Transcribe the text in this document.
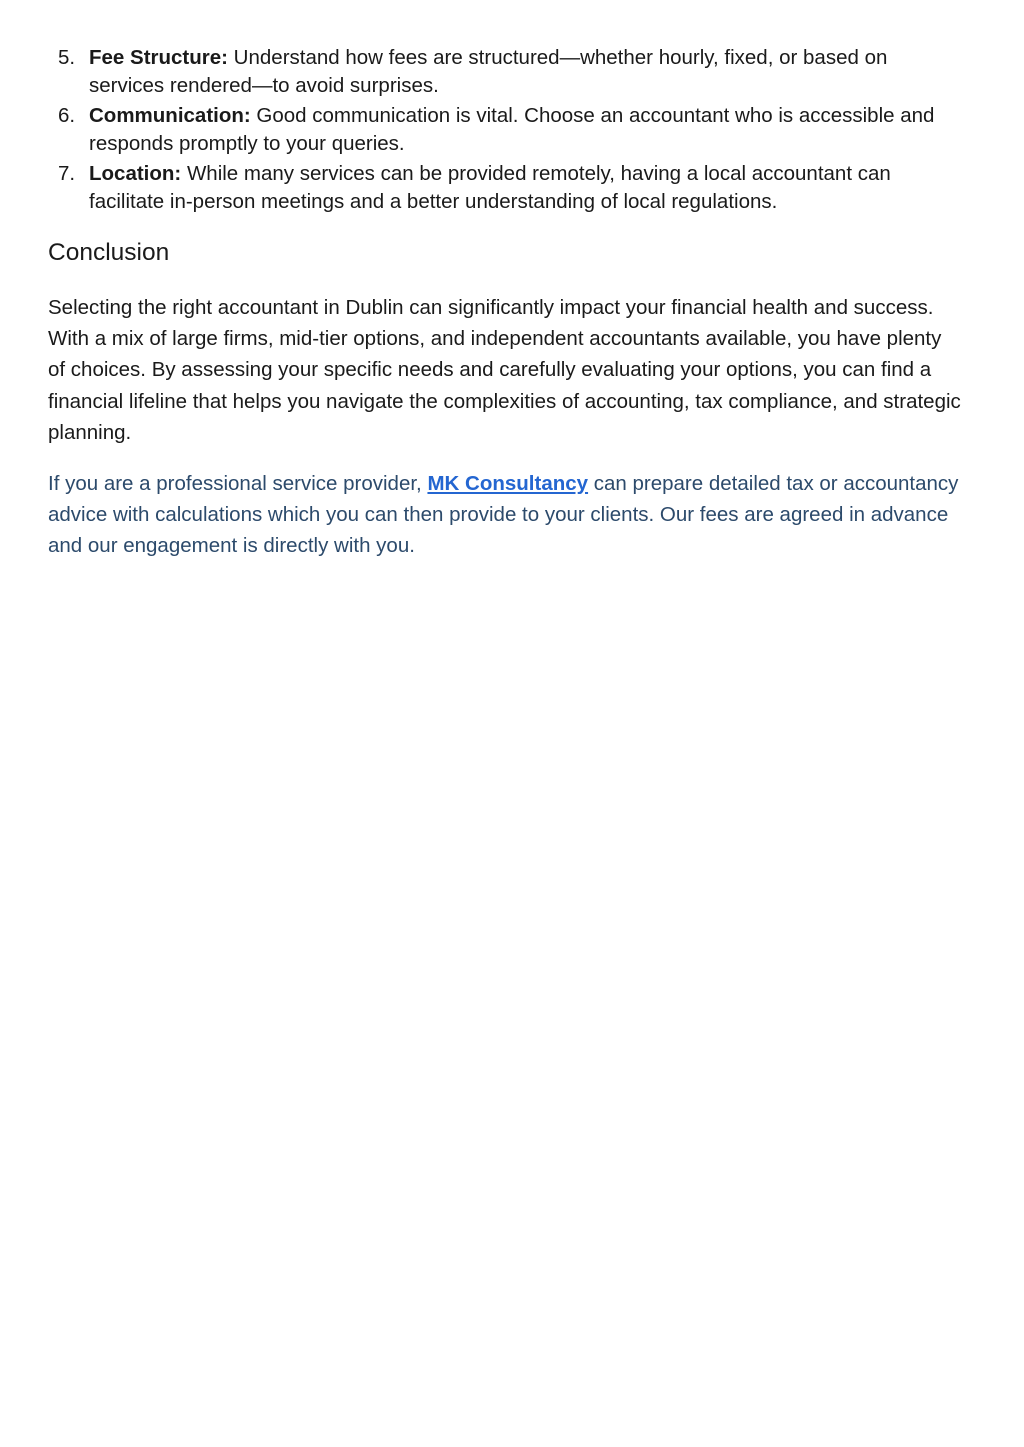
5. Fee Structure: Understand how fees are structured—whether hourly, fixed, or based on services rendered—to avoid surprises.
6. Communication: Good communication is vital. Choose an accountant who is accessible and responds promptly to your queries.
7. Location: While many services can be provided remotely, having a local accountant can facilitate in-person meetings and a better understanding of local regulations.
Conclusion

Selecting the right accountant in Dublin can significantly impact your financial health and success. With a mix of large firms, mid-tier options, and independent accountants available, you have plenty of choices. By assessing your specific needs and carefully evaluating your options, you can find a financial lifeline that helps you navigate the complexities of accounting, tax compliance, and strategic planning.

If you are a professional service provider, MK Consultancy can prepare detailed tax or accountancy advice with calculations which you can then provide to your clients. Our fees are agreed in advance and our engagement is directly with you.
